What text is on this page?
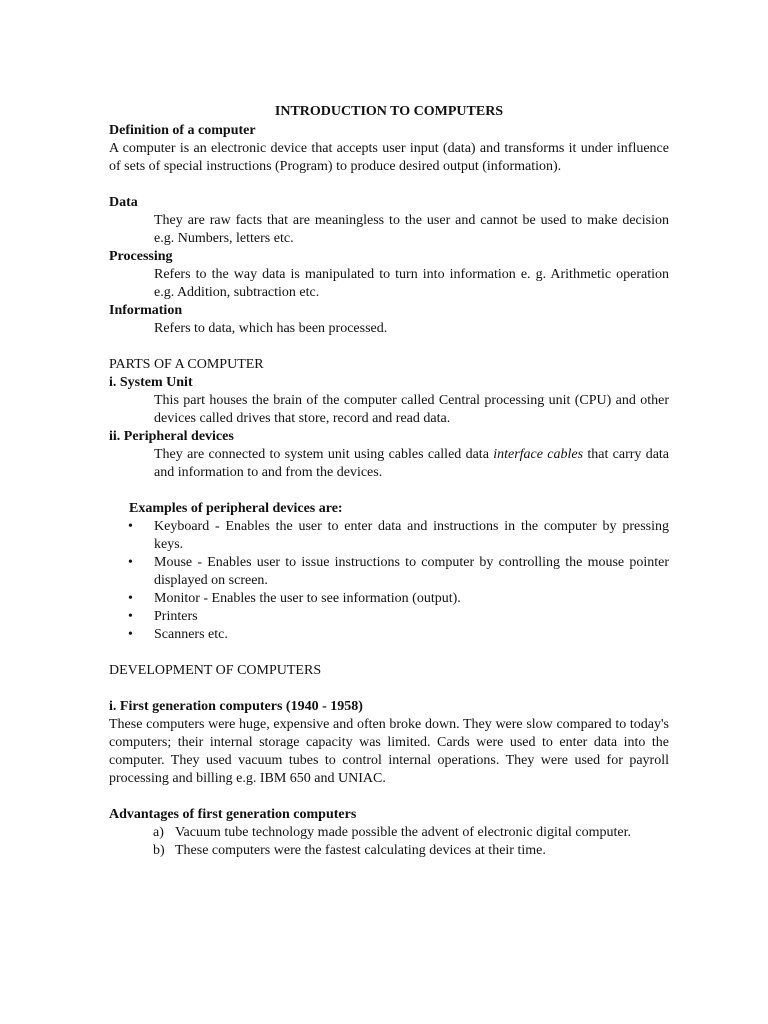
INTRODUCTION TO COMPUTERS

Definition of a computer

A computer is an electronic device that accepts user input (data) and transforms it under influence of sets of special instructions (Program) to produce desired output (information).

Data

They are raw facts that are meaningless to the user and cannot be used to make decision e.g. Numbers, letters etc.

Processing

Refers to the way data is manipulated to turn into information e. g. Arithmetic operation e.g. Addition, subtraction etc.

Information

Refers to data, which has been processed.

PARTS OF A COMPUTER

i. System Unit

This part houses the brain of the computer called Central processing unit (CPU) and other devices called drives that store, record and read data.

ii. Peripheral devices

They are connected to system unit using cables called data interface cables that carry data and information to and from the devices.

Examples of peripheral devices are:

• Keyboard - Enables the user to enter data and instructions in the computer by pressing keys.
• Mouse - Enables user to issue instructions to computer by controlling the mouse pointer displayed on screen.
• Monitor - Enables the user to see information (output).
• Printers
• Scanners etc.

DEVELOPMENT OF COMPUTERS

i. First generation computers (1940 - 1958)

These computers were huge, expensive and often broke down. They were slow compared to today's computers; their internal storage capacity was limited. Cards were used to enter data into the computer. They used vacuum tubes to control internal operations. They were used for payroll processing and billing e.g. IBM 650 and UNIAC.

Advantages of first generation computers

a) Vacuum tube technology made possible the advent of electronic digital computer.
b) These computers were the fastest calculating devices at their time.
